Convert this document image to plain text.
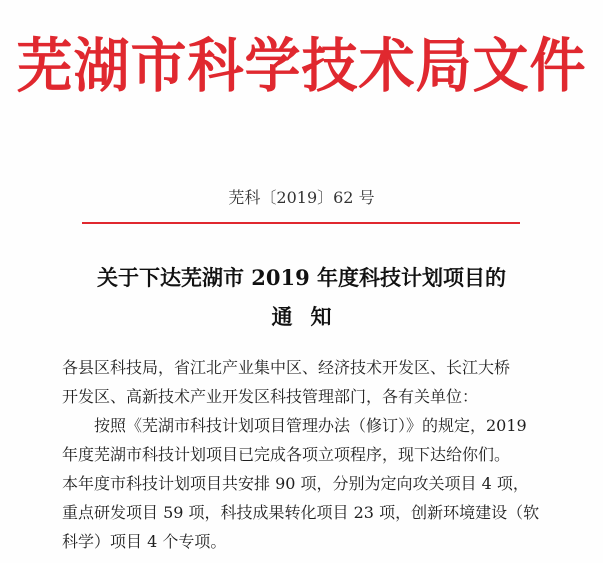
芜湖市科学技术局文件
芜科〔2019〕62 号
关于下达芜湖市 2019 年度科技计划项目的
通知
各县区科技局，省江北产业集中区、经济技术开发区、长江大桥
开发区、高新技术产业开发区科技管理部门，各有关单位：
按照《芜湖市科技计划项目管理办法（修订）》的规定，2019
年度芜湖市科技计划项目已完成各项立项程序，现下达给你们。
本年度市科技计划项目共安排 90 项，分别为定向攻关项目 4 项，
重点研发项目 59 项，科技成果转化项目 23 项，创新环境建设（软
科学）项目 4 个专项。
